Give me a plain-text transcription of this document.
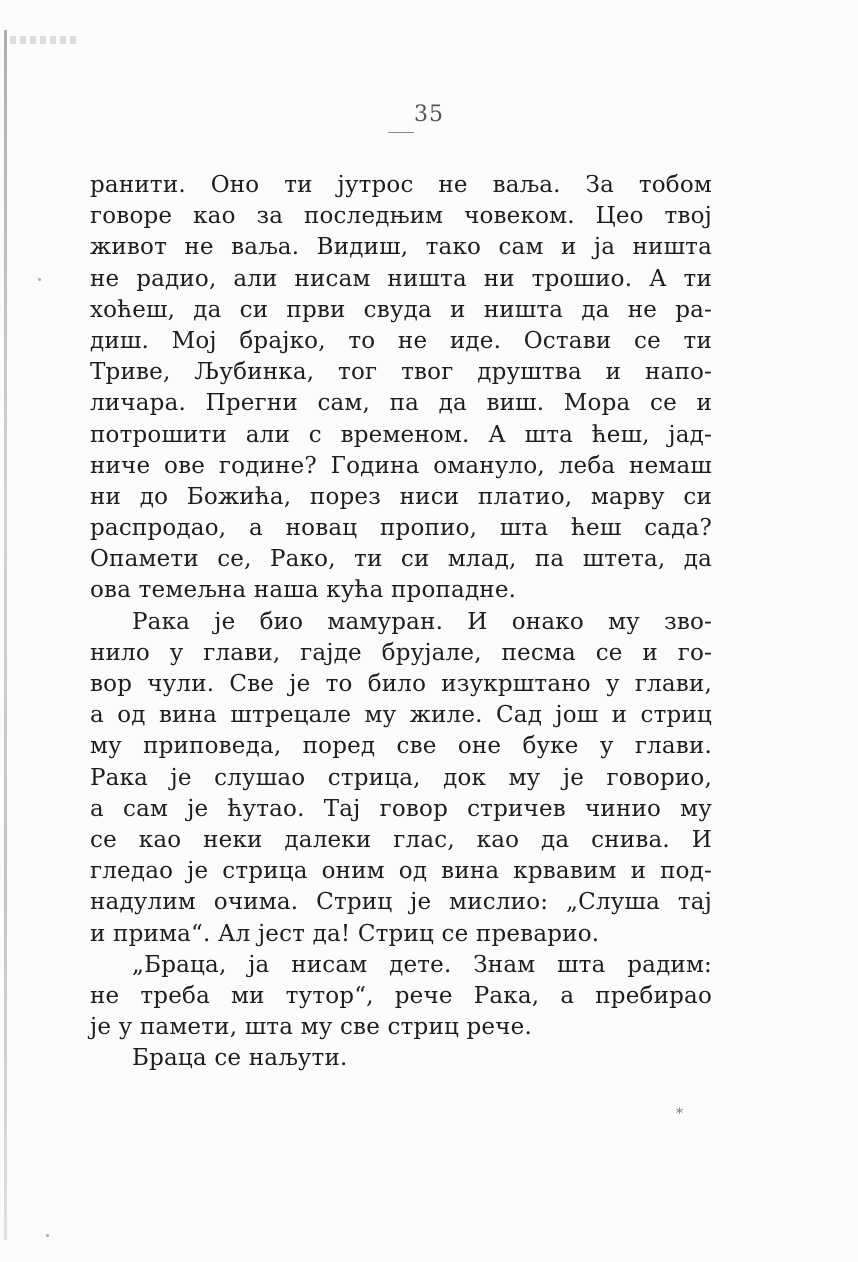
35
ранити. Оно ти јутрос не ваља. За тобом
говоре као за последњим човеком. Цео твој
живот не ваља. Видиш, тако сам и ја ништа
не радио, али нисам ништа ни трошио. А ти
хоћеш, да си први свуда и ништа да не ра-
диш. Мој брајко, то не иде. Остави се ти
Триве, Љубинка, тог твог друштва и напо-
личара. Прегни сам, па да виш. Мора се и
потрошити али с временом. А шта ћеш, јад-
ниче ове године? Година омануло, леба немаш
ни до Божића, порез ниси платио, марву си
распродао, а новац пропио, шта ћеш сада?
Опамети се, Рако, ти си млад, па штета, да
ова темељна наша кућа пропадне.
Рака је био мамуран. И онако му зво-
нило у глави, гајде брујале, песма се и го-
вор чули. Све је то било изукрштано у глави,
а од вина штрецале му жиле. Сад још и стриц
му приповеда, поред све оне буке у глави.
Рака је слушао стрица, док му је говорио,
а сам је ћутао. Тај говор стричев чинио му
се као неки далеки глас, као да снива. И
гледао је стрица оним од вина крвавим и под-
надулим очима. Стриц је мислио: „Слуша тај
и прима“. Ал јест да! Стриц се преварио.
„Браца, ја нисам дете. Знам шта радим:
не треба ми тутор“, рече Рака, а пребирао
је у памети, шта му све стриц рече.
Браца се наљути.
*
